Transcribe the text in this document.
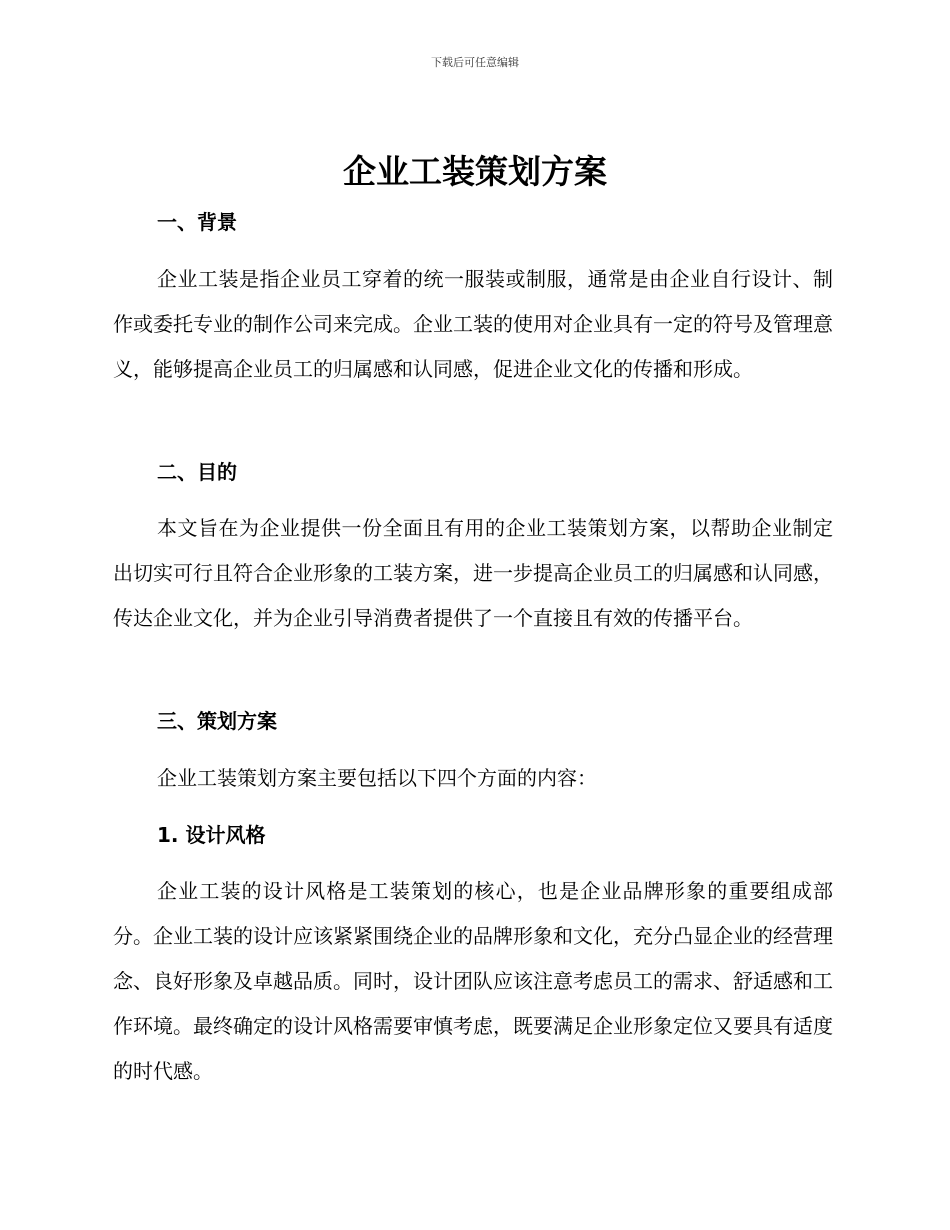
下载后可任意编辑
企业工装策划方案
一、背景

企业工装是指企业员工穿着的统一服装或制服，通常是由企业自行设计、制作或委托专业的制作公司来完成。企业工装的使用对企业具有一定的符号及管理意义，能够提高企业员工的归属感和认同感，促进企业文化的传播和形成。

二、目的

本文旨在为企业提供一份全面且有用的企业工装策划方案，以帮助企业制定出切实可行且符合企业形象的工装方案，进一步提高企业员工的归属感和认同感，传达企业文化，并为企业引导消费者提供了一个直接且有效的传播平台。

三、策划方案

企业工装策划方案主要包括以下四个方面的内容：

1. 设计风格

企业工装的设计风格是工装策划的核心，也是企业品牌形象的重要组成部分。企业工装的设计应该紧紧围绕企业的品牌形象和文化，充分凸显企业的经营理念、良好形象及卓越品质。同时，设计团队应该注意考虑员工的需求、舒适感和工作环境。最终确定的设计风格需要审慎考虑，既要满足企业形象定位又要具有适度的时代感。
